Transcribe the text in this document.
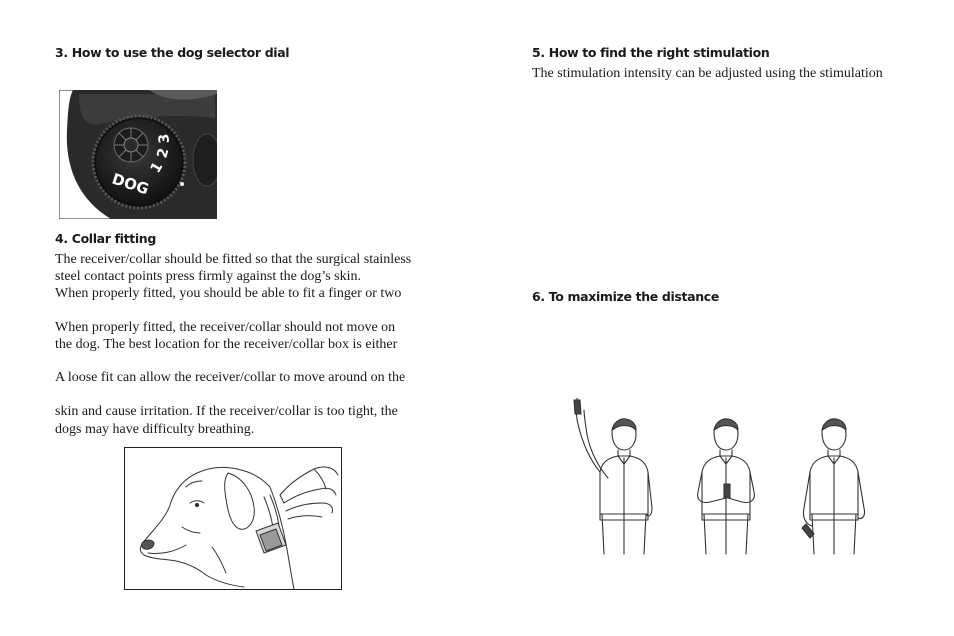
3. How to use the dog selector dial
DOG
1
2
3
4. Collar fitting

The receiver/collar should be fitted so that the surgical stainless

steel contact points press firmly against the dog’s skin.

When properly fitted, you should be able to fit a finger or two

When properly fitted, the receiver/collar should not move on

the dog. The best location for the receiver/collar box is either

A loose fit can allow the receiver/collar to move around on the

skin and cause irritation. If the receiver/collar is too tight, the

dogs may have difficulty breathing.

5. How to find the right stimulation

The stimulation intensity can be adjusted using the stimulation

6. To maximize the distance
